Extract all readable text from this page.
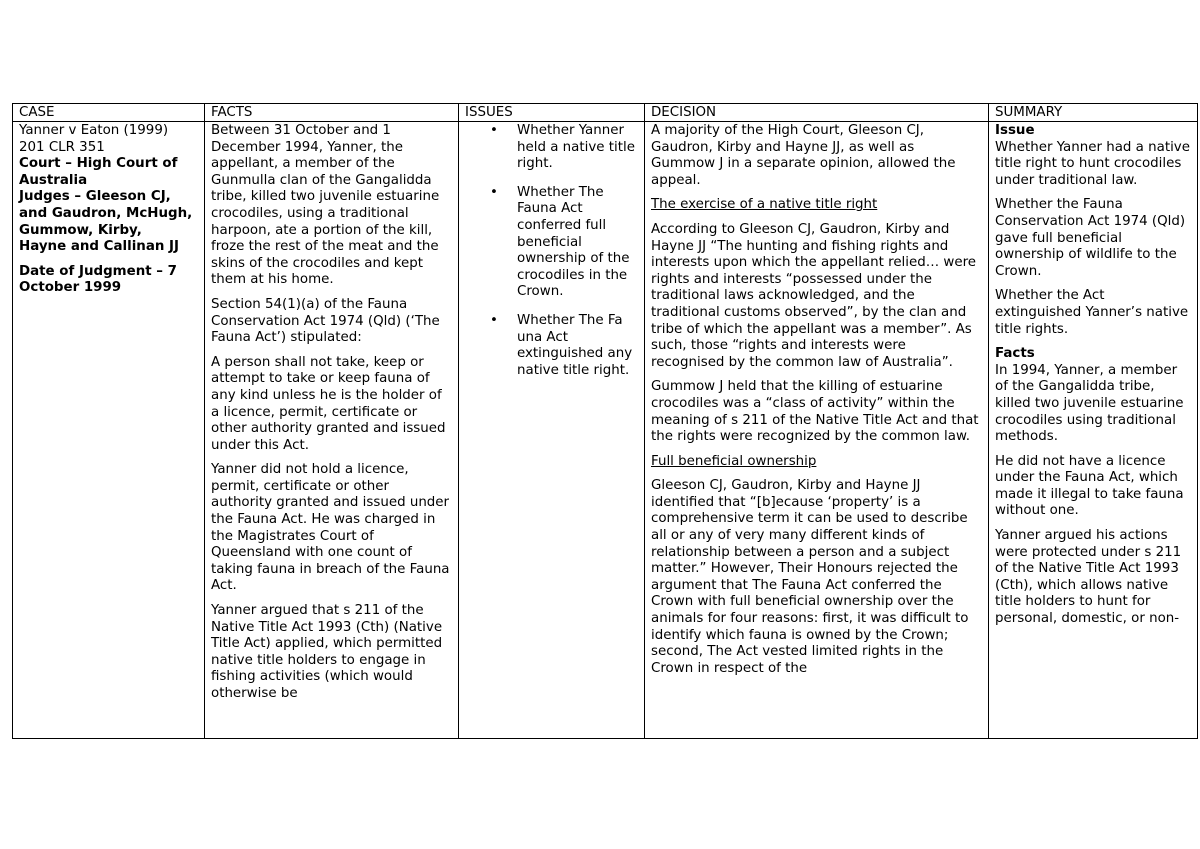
CASE
Yanner v Eaton (1999)
201 CLR 351
Court – High Court of Australia
Judges – Gleeson CJ, and Gaudron, McHugh, Gummow, Kirby,

Hayne and Callinan JJ

Date of Judgment – 7 October 1999
FACTS

Between 31 October and 1 December 1994, Yanner, the appellant, a member of the Gunmulla clan of the Gangalidda tribe, killed two juvenile estuarine crocodiles, using a traditional harpoon, ate a portion of the kill, froze the rest of the meat and the skins of the crocodiles and kept them at his home.

Section 54(1)(a) of the Fauna Conservation Act 1974 (Qld) (‘The Fauna Act’) stipulated:

A person shall not take, keep or attempt to take or keep fauna of any kind unless he is the holder of a licence, permit, certificate or other authority granted and issued under this Act.

Yanner did not hold a licence, permit, certificate or other authority granted and issued under the Fauna Act. He was charged in the Magistrates Court of Queensland with one count of taking fauna in breach of the Fauna Act.

Yanner argued that s 211 of the Native Title Act 1993 (Cth) (Native Title Act) applied, which permitted native title holders to engage in fishing activities (which would otherwise be

ISSUES
• Whether Yanner held a native title right.
• Whether The Fauna Act conferred full beneficial ownership of the crocodiles in the Crown.
• Whether The Fa una Act extinguished any native title right.
DECISION

A majority of the High Court, Gleeson CJ, Gaudron, Kirby and Hayne JJ, as well as Gummow J in a separate opinion, allowed the appeal.

The exercise of a native title right

According to Gleeson CJ, Gaudron, Kirby and Hayne JJ “The hunting and fishing rights and interests upon which the appellant relied… were rights and interests “possessed under the traditional laws acknowledged, and the traditional customs observed”, by the clan and tribe of which the appellant was a member”. As such, those “rights and interests were recognised by the common law of Australia”.

Gummow J held that the killing of estuarine crocodiles was a “class of activity” within the meaning of s 211 of the Native Title Act and that the rights were recognized by the common law.

Full beneficial ownership

Gleeson CJ, Gaudron, Kirby and Hayne JJ identified that “[b]ecause ‘property’ is a comprehensive term it can be used to describe all or any of very many different kinds of relationship between a person and a subject matter.” However, Their Honours rejected the argument that The Fauna Act conferred the Crown with full beneficial ownership over the animals for four reasons: first, it was difficult to identify which fauna is owned by the Crown; second, The Act vested limited rights in the Crown in respect of the

SUMMARY
Issue

Whether Yanner had a native title right to hunt crocodiles under traditional law.

Whether the Fauna Conservation Act 1974 (Qld) gave full beneficial ownership of wildlife to the Crown.

Whether the Act extinguished Yanner’s native title rights.

Facts

In 1994, Yanner, a member of the Gangalidda tribe, killed two juvenile estuarine crocodiles using traditional methods.

He did not have a licence under the Fauna Act, which made it illegal to take fauna without one.

Yanner argued his actions were protected under s 211 of the Native Title Act 1993 (Cth), which allows native title holders to hunt for personal, domestic, or non-
